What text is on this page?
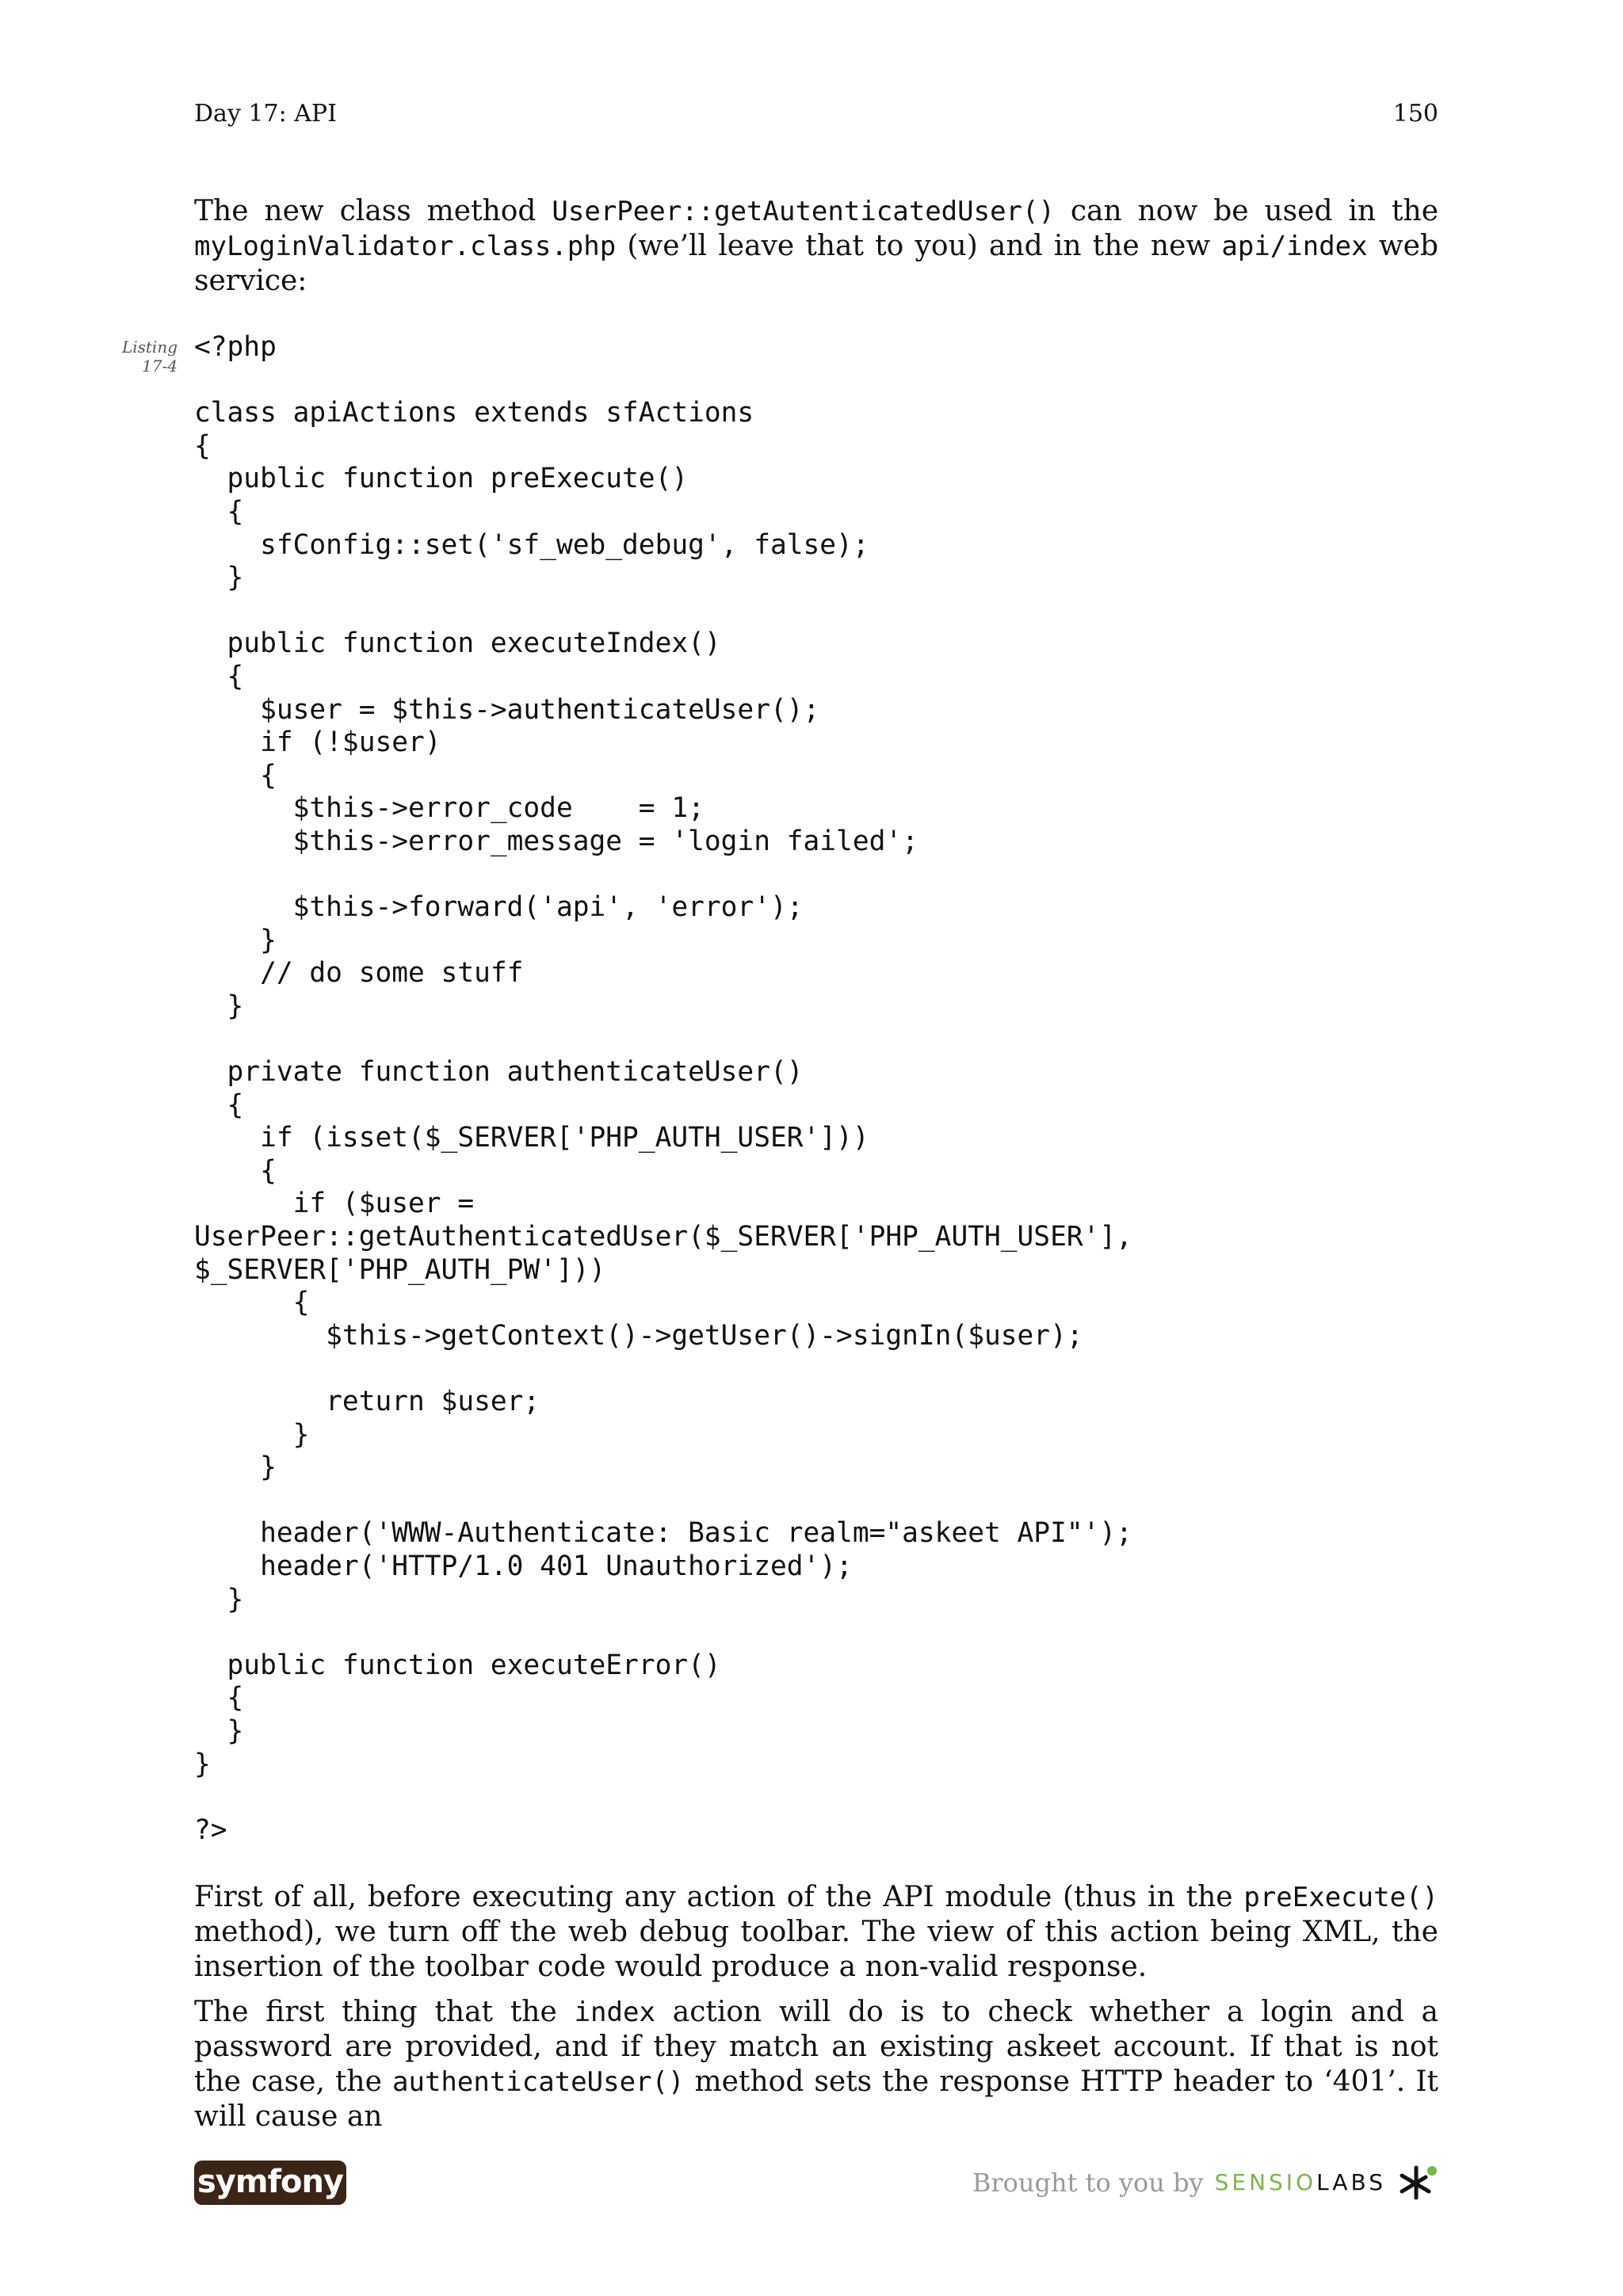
Day 17: API	150

The new class method UserPeer::getAutenticatedUser() can now be used in the myLoginValidator.class.php (we’ll leave that to you) and in the new api/index web service:

Listing
17-4
<?php
class apiActions extends sfActions
{
public function preExecute()
{
sfConfig::set('sf_web_debug', false);
}
public function executeIndex()
{
$user = $this->authenticateUser();
if (!$user)
{
$this->error_code    = 1;
$this->error_message = 'login failed';
$this->forward('api', 'error');
}
// do some stuff
}
private function authenticateUser()
{
if (isset($_SERVER['PHP_AUTH_USER']))
{
if ($user =
UserPeer::getAuthenticatedUser($_SERVER['PHP_AUTH_USER'],
$_SERVER['PHP_AUTH_PW']))
{
$this->getContext()->getUser()->signIn($user);
return $user;
}
}
header('WWW-Authenticate: Basic realm="askeet API"');
header('HTTP/1.0 401 Unauthorized');
}
public function executeError()
{
}
}
?>

First of all, before executing any action of the API module (thus in the preExecute() method), we turn off the web debug toolbar. The view of this action being XML, the insertion of the toolbar code would produce a non-valid response.

The first thing that the index action will do is to check whether a login and a password are provided, and if they match an existing askeet account. If that is not the case, the authenticateUser() method sets the response HTTP header to ‘401’. It will cause an

symfony	Brought to you by SENSIOLABS
